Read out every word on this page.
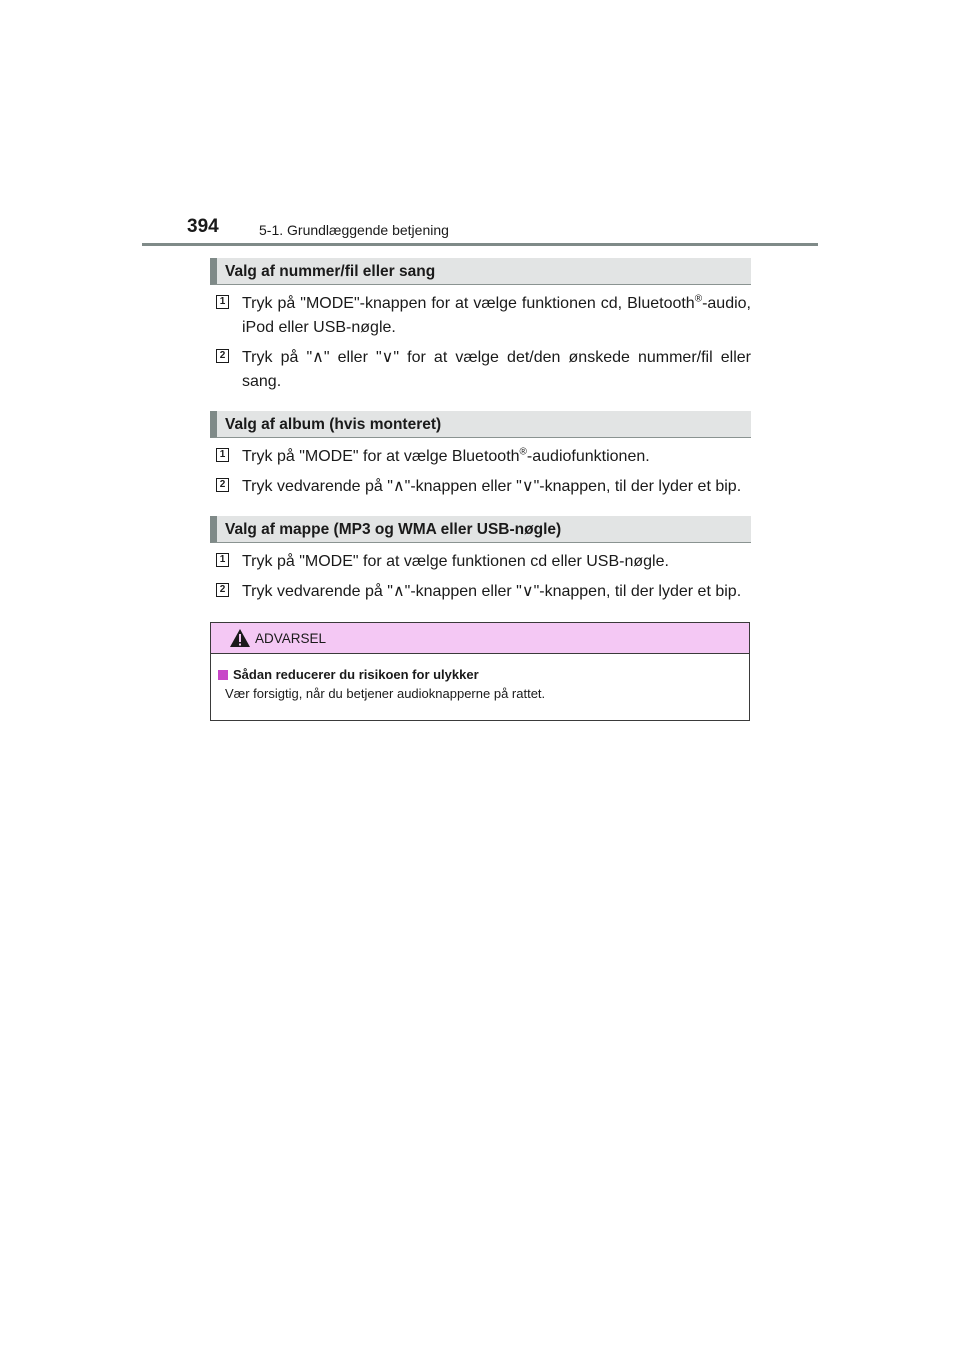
394	5-1. Grundlæggende betjening
Valg af nummer/fil eller sang
1 Tryk på "MODE"-knappen for at vælge funktionen cd, Bluetooth®-audio, iPod eller USB-nøgle.
2 Tryk på "∧" eller "∨" for at vælge det/den ønskede nummer/fil eller sang.
Valg af album (hvis monteret)
1 Tryk på "MODE" for at vælge Bluetooth®-audiofunktionen.
2 Tryk vedvarende på "∧"-knappen eller "∨"-knappen, til der lyder et bip.
Valg af mappe (MP3 og WMA eller USB-nøgle)
1 Tryk på "MODE" for at vælge funktionen cd eller USB-nøgle.
2 Tryk vedvarende på "∧"-knappen eller "∨"-knappen, til der lyder et bip.
ADVARSEL
Sådan reducerer du risikoen for ulykker
Vær forsigtig, når du betjener audioknapperne på rattet.
